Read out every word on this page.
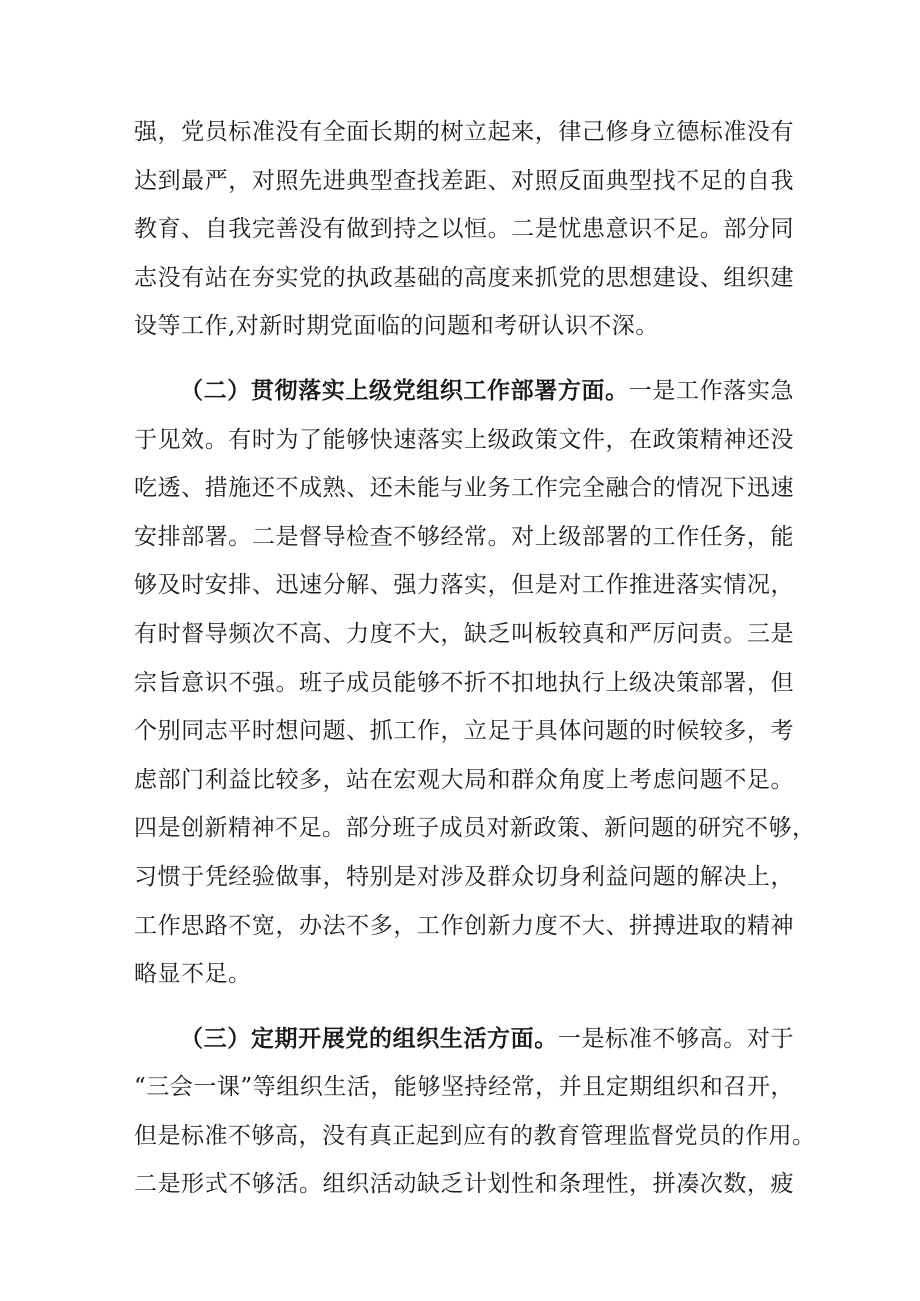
强，党员标准没有全面长期的树立起来，律己修身立德标准没有
达到最严，对照先进典型查找差距、对照反面典型找不足的自我
教育、自我完善没有做到持之以恒。二是忧患意识不足。部分同
志没有站在夯实党的执政基础的高度来抓党的思想建设、组织建
设等工作,对新时期党面临的问题和考研认识不深。
（二）贯彻落实上级党组织工作部署方面。一是工作落实急
于见效。有时为了能够快速落实上级政策文件，在政策精神还没
吃透、措施还不成熟、还未能与业务工作完全融合的情况下迅速
安排部署。二是督导检查不够经常。对上级部署的工作任务，能
够及时安排、迅速分解、强力落实，但是对工作推进落实情况，
有时督导频次不高、力度不大，缺乏叫板较真和严厉问责。三是
宗旨意识不强。班子成员能够不折不扣地执行上级决策部署，但
个别同志平时想问题、抓工作，立足于具体问题的时候较多，考
虑部门利益比较多，站在宏观大局和群众角度上考虑问题不足。
四是创新精神不足。部分班子成员对新政策、新问题的研究不够，
习惯于凭经验做事，特别是对涉及群众切身利益问题的解决上，
工作思路不宽，办法不多，工作创新力度不大、拼搏进取的精神
略显不足。
（三）定期开展党的组织生活方面。一是标准不够高。对于
“三会一课”等组织生活，能够坚持经常，并且定期组织和召开，
但是标准不够高，没有真正起到应有的教育管理监督党员的作用。
二是形式不够活。组织活动缺乏计划性和条理性，拼凑次数，疲
